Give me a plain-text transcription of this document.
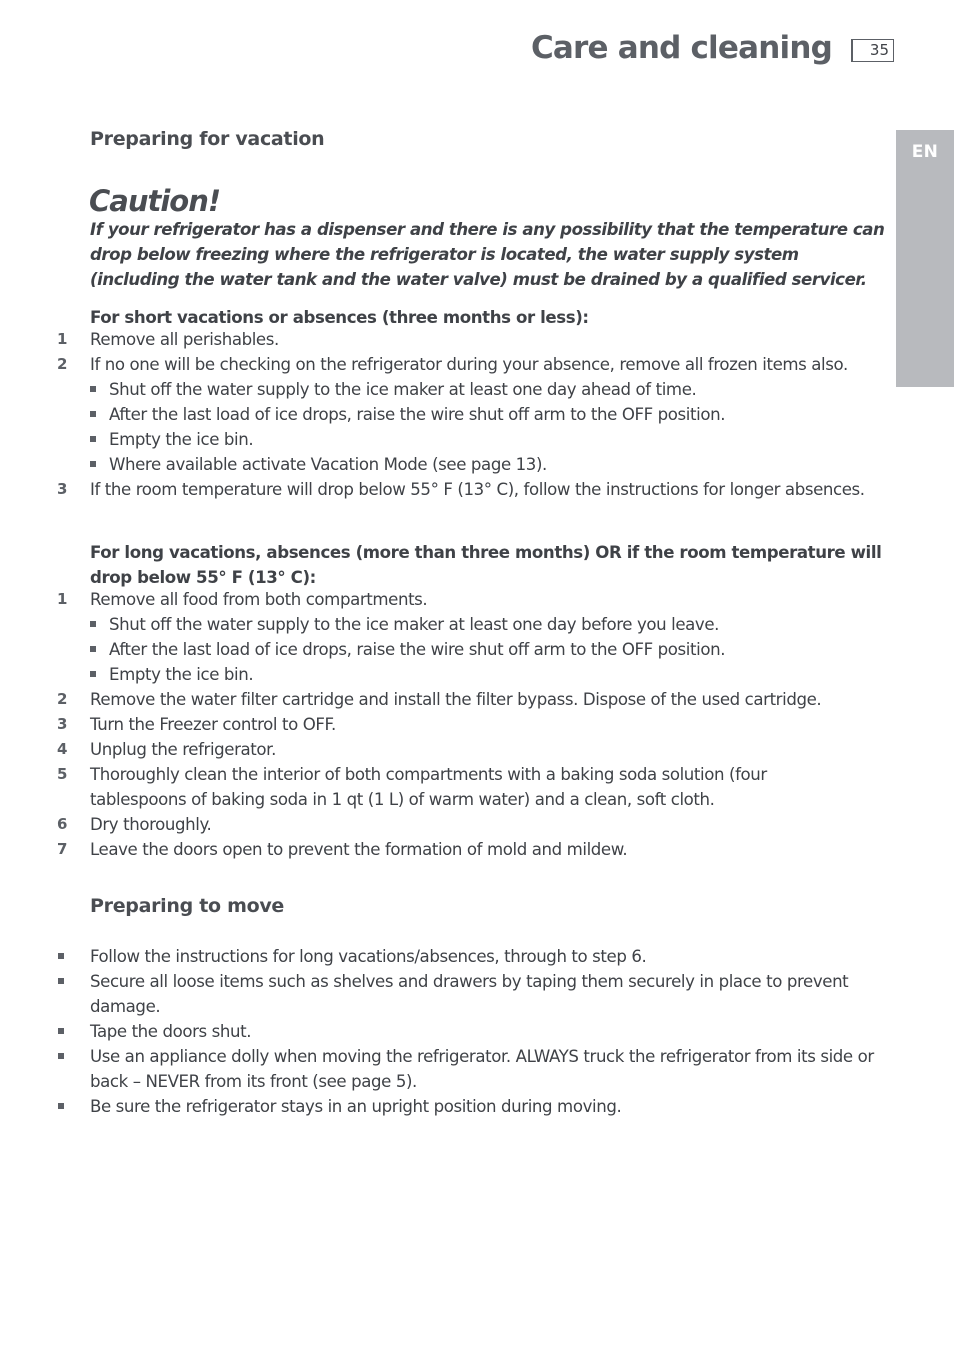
Care and cleaning	35
EN
Preparing for vacation
Caution!
If your refrigerator has a dispenser and there is any possibility that the temperature can drop below freezing where the refrigerator is located, the water supply system (including the water tank and the water valve) must be drained by a qualified servicer.
For short vacations or absences (three months or less):
1 Remove all perishables.
2 If no one will be checking on the refrigerator during your absence, remove all frozen items also.
Shut off the water supply to the ice maker at least one day ahead of time.
After the last load of ice drops, raise the wire shut off arm to the OFF position.
Empty the ice bin.
Where available activate Vacation Mode (see page 13).
3 If the room temperature will drop below 55° F (13° C), follow the instructions for longer absences.
For long vacations, absences (more than three months) OR if the room temperature will drop below 55° F (13° C):
1 Remove all food from both compartments.
Shut off the water supply to the ice maker at least one day before you leave.
After the last load of ice drops, raise the wire shut off arm to the OFF position.
Empty the ice bin.
2 Remove the water filter cartridge and install the filter bypass. Dispose of the used cartridge.
3 Turn the Freezer control to OFF.
4 Unplug the refrigerator.
5 Thoroughly clean the interior of both compartments with a baking soda solution (four tablespoons of baking soda in 1 qt (1 L) of warm water) and a clean, soft cloth.
6 Dry thoroughly.
7 Leave the doors open to prevent the formation of mold and mildew.
Preparing to move
Follow the instructions for long vacations/absences, through to step 6.
Secure all loose items such as shelves and drawers by taping them securely in place to prevent damage.
Tape the doors shut.
Use an appliance dolly when moving the refrigerator. ALWAYS truck the refrigerator from its side or back – NEVER from its front (see page 5).
Be sure the refrigerator stays in an upright position during moving.
